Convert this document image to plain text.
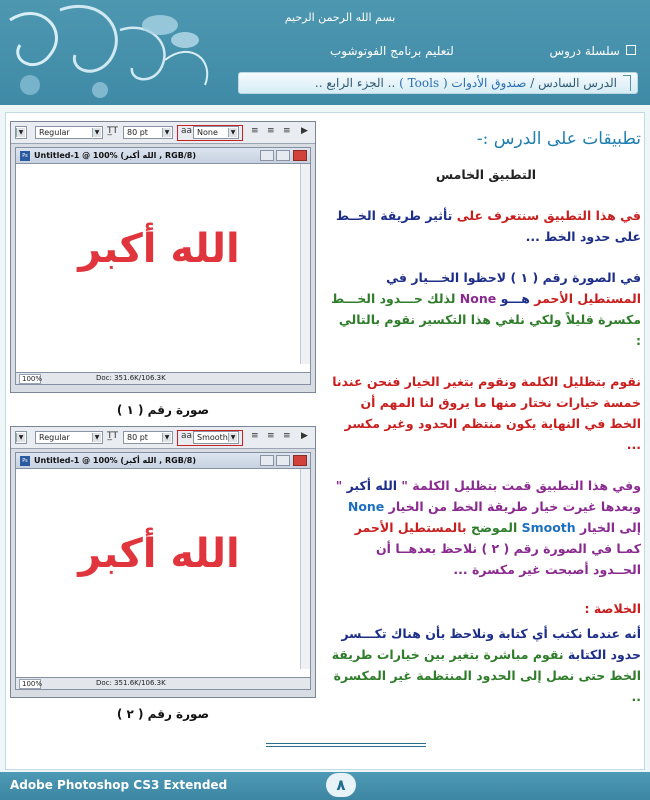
بسم الله الرحمن الرحيم
سلسلة دروس
لتعليم برنامج الفوتوشوب
الدرس السادس / صندوق الأدوات ( Tools ) .. الجزء الرابع ..
▼	Regular	▼ T̲T	80 pt	▼ aa None	▼ ≡ ≡ ≡ ▶
Ps Untitled-1 @ 100% (الله أكبر , RGB/8)
الله أكبر
100%	Doc: 351.6K/106.3K
صورة رقم ( ١ )
▼	Regular	▼ T̲T	80 pt	▼ aa Smooth ▼ ≡ ≡ ≡ ▶
Ps Untitled-1 @ 100% (الله أكبر , RGB/8)
الله أكبر
100%	Doc: 351.6K/106.3K
صورة رقم ( ٢ )
تطبيقات على الدرس :-
التطبيق الخامس
في هذا التطبيق سنتعرف على تأثير طريقة الخــط على حدود الخط ...
في الصورة رقم ( ١ ) لاحظوا الخـــيار في المستطيل الأحمر هـــو None لذلك حـــدود الخـــط مكسرة قليلاً ولكي نلغي هذا التكسير نقوم بالتالي :
نقوم بتظليل الكلمة ونقوم بتغير الخيار فنحن عندنا خمسة خيارات نختار منها ما يروق لنا المهم أن الخط في النهاية يكون منتظم الحدود وغير مكسر ...
وفي هذا التطبيق قمت بتظليل الكلمة " الله أكبر " وبعدها غيرت خيار طريقة الخط من الخيار None إلى الخيار Smooth الموضح بالمستطيل الأحمر كمـا في الصورة رقم ( ٢ ) نلاحظ بعدهــا أن الحــدود أصبحت غير مكسرة ...
الخلاصة :
أنه عندما نكتب أي كتابة ونلاحظ بأن هناك تكـــسر حدود الكتابة نقوم مباشرة بتغير بين خيارات طريقة الخط حتى نصل إلى الحدود المنتظمة غير المكسرة ..
Adobe Photoshop CS3 Extended	٨
